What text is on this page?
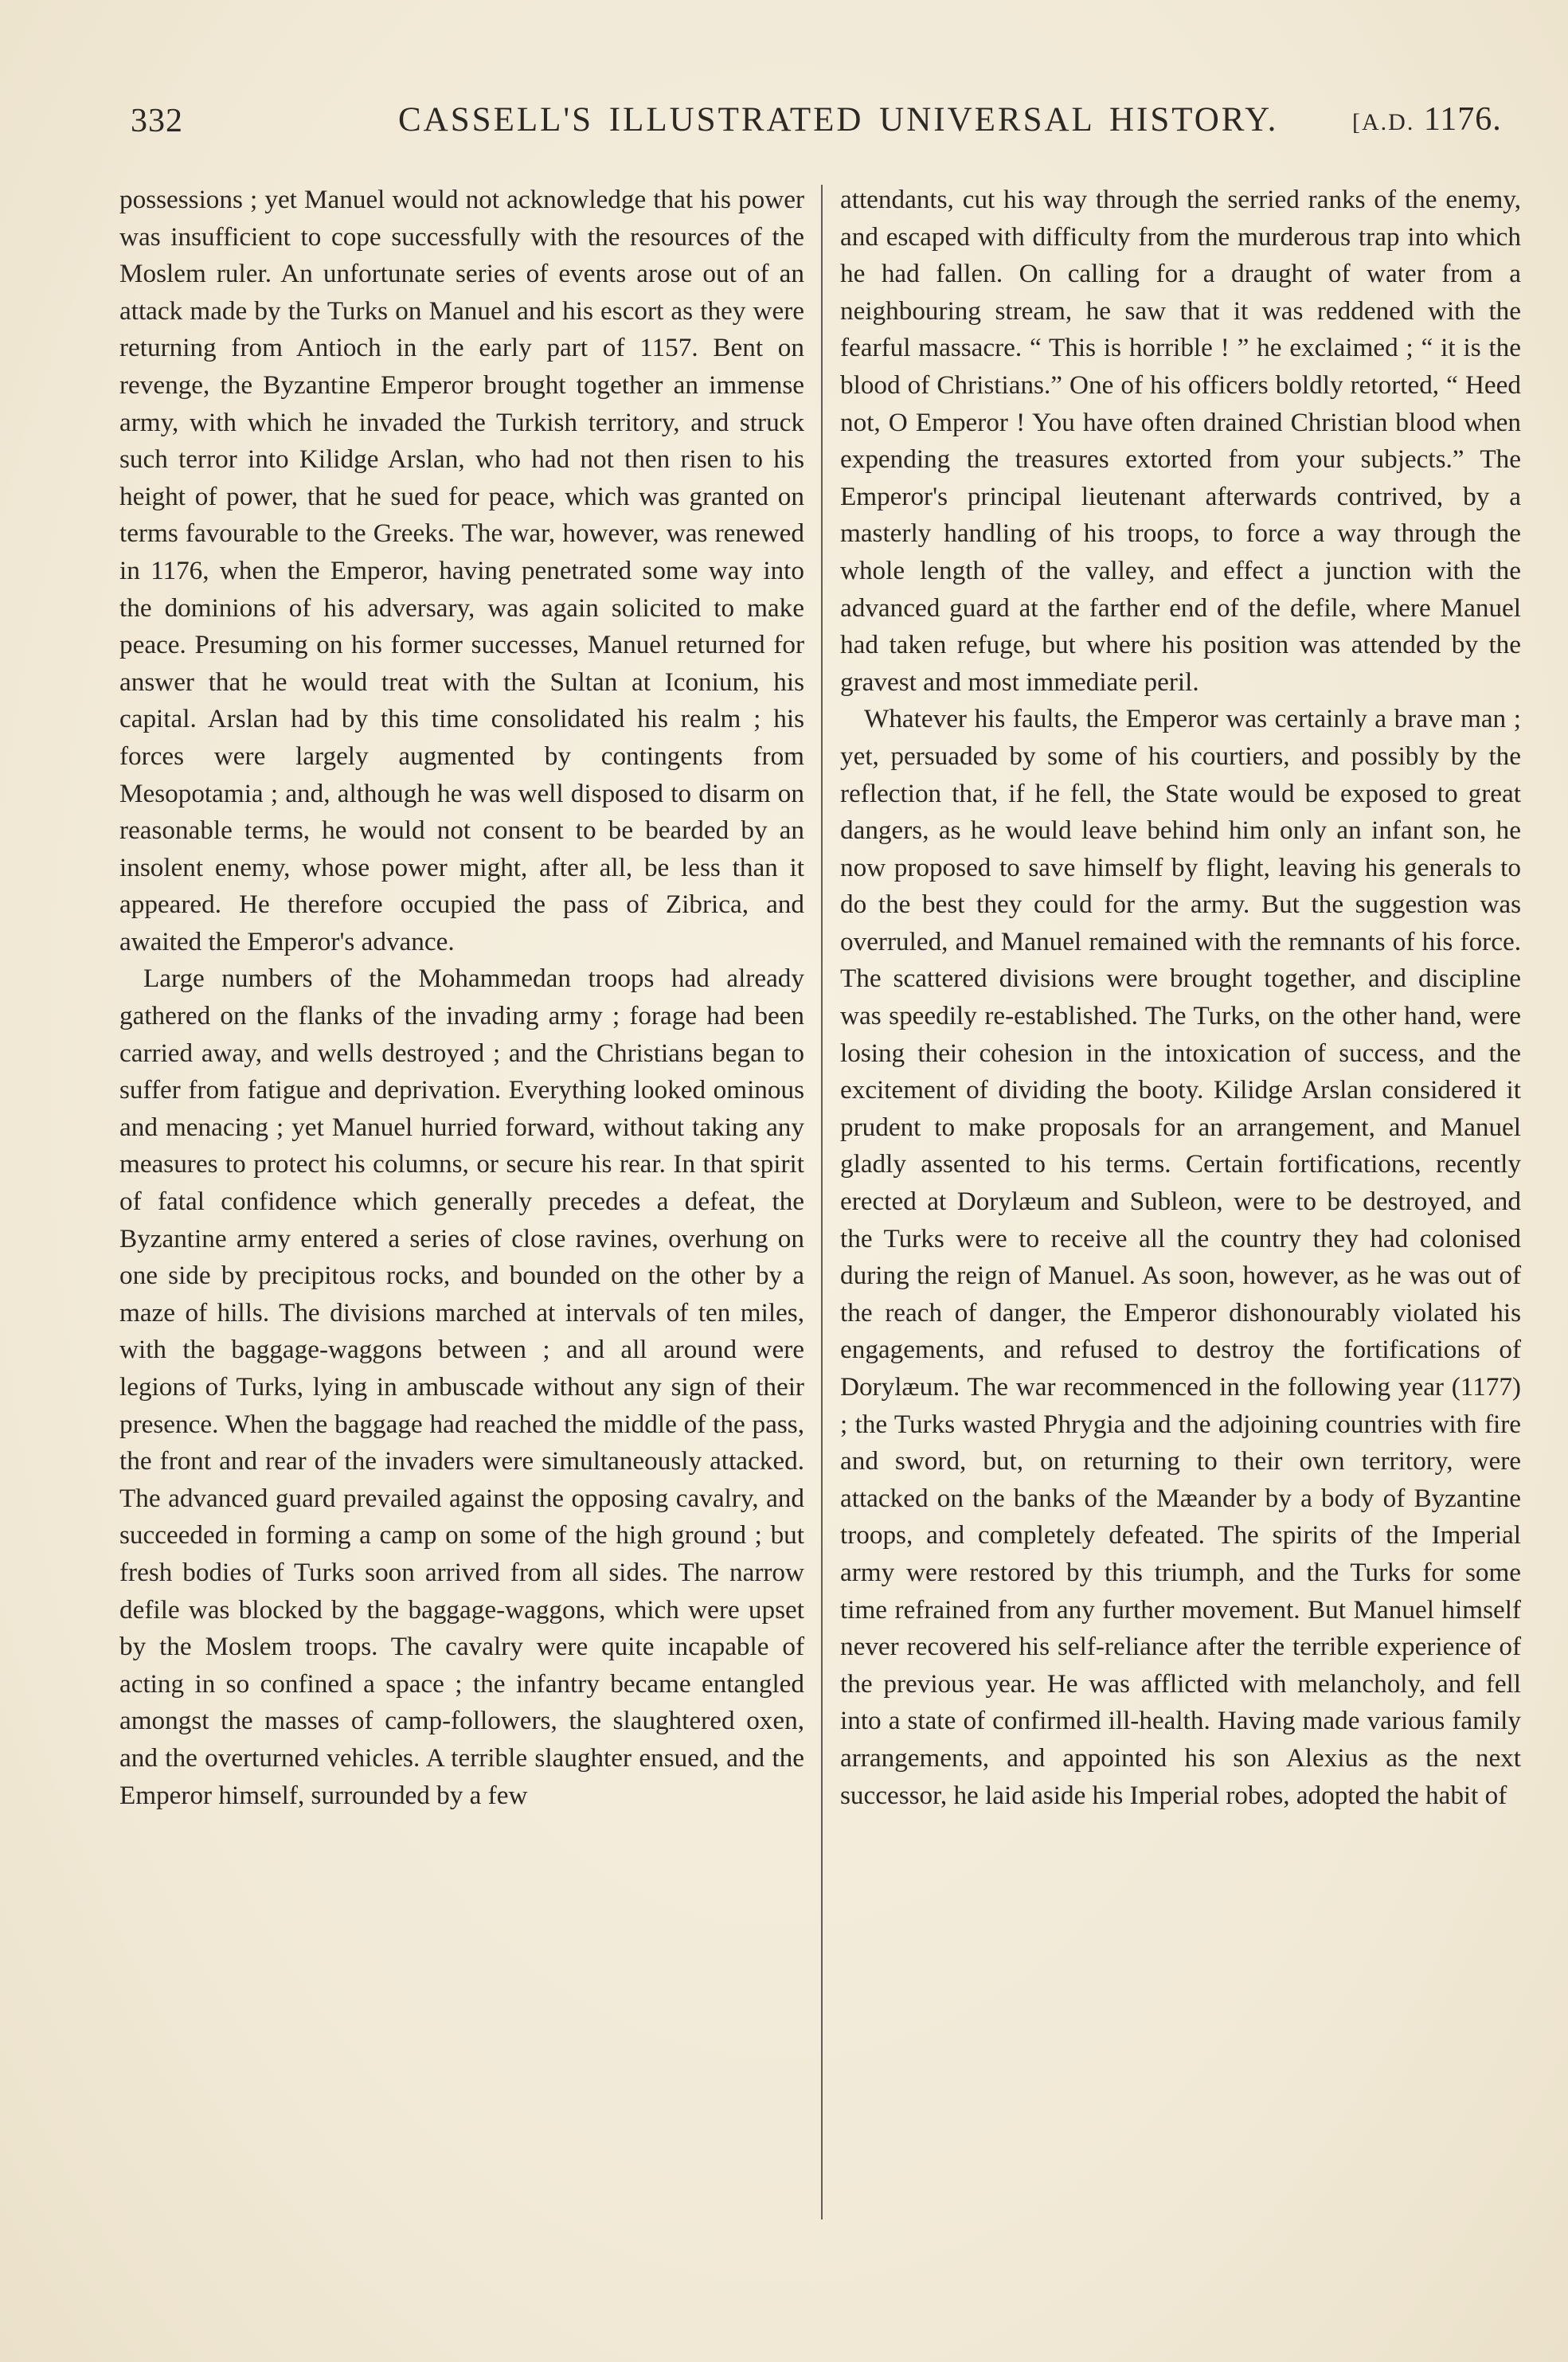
332	CASSELL'S ILLUSTRATED UNIVERSAL HISTORY.	[A.D. 1176.

possessions ; yet Manuel would not acknowledge that his power was insufficient to cope successfully with the resources of the Moslem ruler. An unfortunate series of events arose out of an attack made by the Turks on Manuel and his escort as they were returning from Antioch in the early part of 1157. Bent on revenge, the Byzantine Emperor brought together an immense army, with which he invaded the Turkish territory, and struck such terror into Kilidge Arslan, who had not then risen to his height of power, that he sued for peace, which was granted on terms favourable to the Greeks. The war, however, was renewed in 1176, when the Emperor, having penetrated some way into the dominions of his adversary, was again solicited to make peace. Presuming on his former successes, Manuel returned for answer that he would treat with the Sultan at Iconium, his capital. Arslan had by this time consolidated his realm ; his forces were largely augmented by contingents from Mesopotamia ; and, although he was well disposed to disarm on reasonable terms, he would not consent to be bearded by an insolent enemy, whose power might, after all, be less than it appeared. He therefore occupied the pass of Zibrica, and awaited the Emperor's advance.

Large numbers of the Mohammedan troops had already gathered on the flanks of the invading army ; forage had been carried away, and wells destroyed ; and the Christians began to suffer from fatigue and deprivation. Everything looked ominous and menacing ; yet Manuel hurried forward, without taking any measures to protect his columns, or secure his rear. In that spirit of fatal confidence which generally precedes a defeat, the Byzantine army entered a series of close ravines, overhung on one side by precipitous rocks, and bounded on the other by a maze of hills. The divisions marched at intervals of ten miles, with the baggage-waggons between ; and all around were legions of Turks, lying in ambuscade without any sign of their presence. When the baggage had reached the middle of the pass, the front and rear of the invaders were simultaneously attacked. The advanced guard prevailed against the opposing cavalry, and succeeded in forming a camp on some of the high ground ; but fresh bodies of Turks soon arrived from all sides. The narrow defile was blocked by the baggage-waggons, which were upset by the Moslem troops. The cavalry were quite incapable of acting in so confined a space ; the infantry became entangled amongst the masses of camp-followers, the slaughtered oxen, and the overturned vehicles. A terrible slaughter ensued, and the Emperor himself, surrounded by a few

attendants, cut his way through the serried ranks of the enemy, and escaped with difficulty from the murderous trap into which he had fallen. On calling for a draught of water from a neighbouring stream, he saw that it was reddened with the fearful massacre. “ This is horrible ! ” he exclaimed ; “ it is the blood of Christians.” One of his officers boldly retorted, “ Heed not, O Emperor ! You have often drained Christian blood when expending the treasures extorted from your subjects.” The Emperor's principal lieutenant afterwards contrived, by a masterly handling of his troops, to force a way through the whole length of the valley, and effect a junction with the advanced guard at the farther end of the defile, where Manuel had taken refuge, but where his position was attended by the gravest and most immediate peril.

Whatever his faults, the Emperor was certainly a brave man ; yet, persuaded by some of his courtiers, and possibly by the reflection that, if he fell, the State would be exposed to great dangers, as he would leave behind him only an infant son, he now proposed to save himself by flight, leaving his generals to do the best they could for the army. But the suggestion was overruled, and Manuel remained with the remnants of his force. The scattered divisions were brought together, and discipline was speedily re-established. The Turks, on the other hand, were losing their cohesion in the intoxication of success, and the excitement of dividing the booty. Kilidge Arslan considered it prudent to make proposals for an arrangement, and Manuel gladly assented to his terms. Certain fortifications, recently erected at Dorylæum and Subleon, were to be destroyed, and the Turks were to receive all the country they had colonised during the reign of Manuel. As soon, however, as he was out of the reach of danger, the Emperor dishonourably violated his engagements, and refused to destroy the fortifications of Dorylæum. The war recommenced in the following year (1177) ; the Turks wasted Phrygia and the adjoining countries with fire and sword, but, on returning to their own territory, were attacked on the banks of the Mæander by a body of Byzantine troops, and completely defeated. The spirits of the Imperial army were restored by this triumph, and the Turks for some time refrained from any further movement. But Manuel himself never recovered his self-reliance after the terrible experience of the previous year. He was afflicted with melancholy, and fell into a state of confirmed ill-health. Having made various family arrangements, and appointed his son Alexius as the next successor, he laid aside his Imperial robes, adopted the habit of
